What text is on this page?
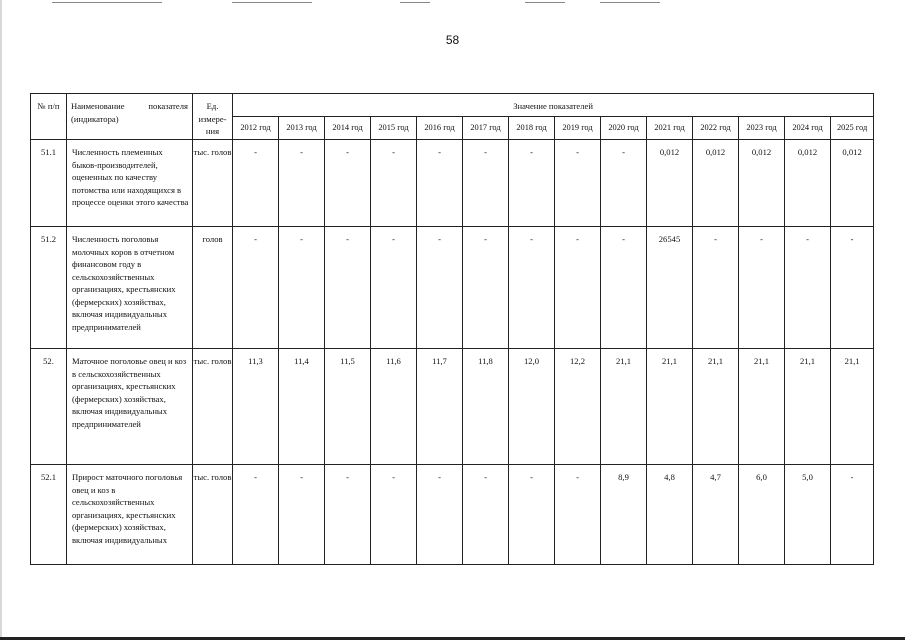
58
№ п/п	Наименование показателя (индикатора)	Ед. измере-ния	Значение показателей													
			2012 год	2013 год	2014 год	2015 год	2016 год	2017 год	2018 год	2019 год	2020 год	2021 год	2022 год	2023 год	2024 год	2025 год
51.1	Численность племенных быков-производителей, оцененных по качеству потомства или находящихся в процессе оценки этого качества	тыс. голов	-	-	-	-	-	-	-	-	-	0,012	0,012	0,012	0,012	0,012
51.2	Численность поголовья молочных коров в отчетном финансовом году в сельскохозяйственных организациях, крестьянских (фермерских) хозяйствах, включая индивидуальных предпринимателей	голов	-	-	-	-	-	-	-	-	-	26545	-	-	-	-
52.	Маточное поголовье овец и коз в сельскохозяйственных организациях, крестьянских (фермерских) хозяйствах, включая индивидуальных предпринимателей	тыс. голов	11,3	11,4	11,5	11,6	11,7	11,8	12,0	12,2	21,1	21,1	21,1	21,1	21,1	21,1
52.1	Прирост маточного поголовья овец и коз в сельскохозяйственных организациях, крестьянских (фермерских) хозяйствах, включая индивидуальных	тыс. голов	-	-	-	-	-	-	-	-	8,9	4,8	4,7	6,0	5,0	-
